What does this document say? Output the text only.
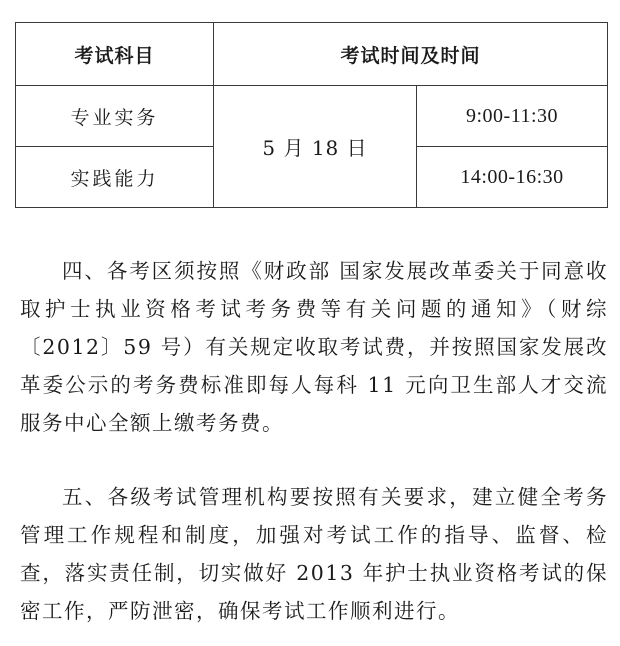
考试科目	考试时间及时间	
专业实务	5 月 18 日	9:00-11:30
实践能力		14:00-16:30

四、各考区须按照《财政部 国家发展改革委关于同意收取护士执业资格考试考务费等有关问题的通知》（财综〔2012〕59 号）有关规定收取考试费，并按照国家发展改革委公示的考务费标准即每人每科 11 元向卫生部人才交流服务中心全额上缴考务费。

五、各级考试管理机构要按照有关要求，建立健全考务管理工作规程和制度，加强对考试工作的指导、监督、检查，落实责任制，切实做好 2013 年护士执业资格考试的保密工作，严防泄密，确保考试工作顺利进行。
